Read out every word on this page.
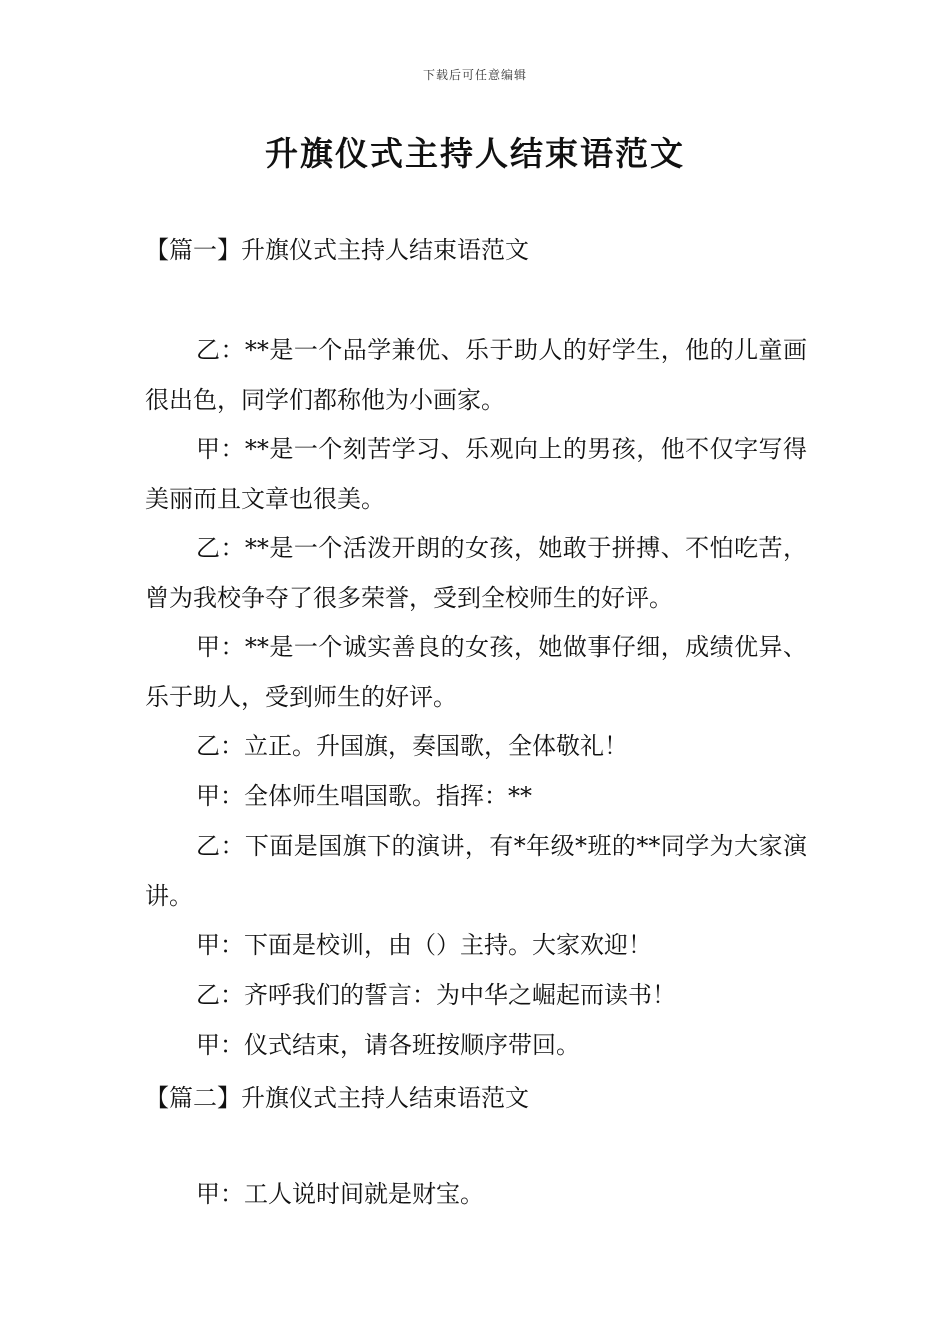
下载后可任意编辑
升旗仪式主持人结束语范文
【篇一】升旗仪式主持人结束语范文

乙：**是一个品学兼优、乐于助人的好学生，他的儿童画很出色，同学们都称他为小画家。

甲：**是一个刻苦学习、乐观向上的男孩，他不仅字写得美丽而且文章也很美。

乙：**是一个活泼开朗的女孩，她敢于拼搏、不怕吃苦，曾为我校争夺了很多荣誉，受到全校师生的好评。

甲：**是一个诚实善良的女孩，她做事仔细，成绩优异、乐于助人，受到师生的好评。

乙：立正。升国旗，奏国歌，全体敬礼！

甲：全体师生唱国歌。指挥：**

乙：下面是国旗下的演讲，有*年级*班的**同学为大家演讲。

甲：下面是校训，由（）主持。大家欢迎！

乙：齐呼我们的誓言：为中华之崛起而读书！

甲：仪式结束，请各班按顺序带回。

【篇二】升旗仪式主持人结束语范文

甲：工人说时间就是财宝。
